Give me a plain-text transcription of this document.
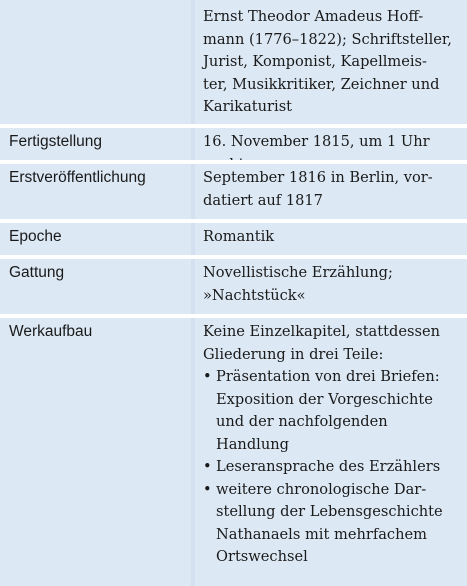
Ernst Theodor Amadeus Hoff-
mann (1776–1822); Schriftsteller,
Jurist, Komponist, Kapellmeis-
ter, Musikkritiker, Zeichner und
Karikaturist
Fertigstellung	16. November 1815, um 1 Uhr
Erstveröffentlichung	September 1816 in Berlin, vor-
datiert auf 1817
Epoche	Romantik
Gattung	Novellistische Erzählung;
»Nachtstück«
Werkaufbau	Keine Einzelkapitel, stattdessen
Gliederung in drei Teile:
• Präsentation von drei Briefen:
Exposition der Vorgeschichte
und der nachfolgenden
Handlung
• Leseransprache des Erzählers
• weitere chronologische Dar-
stellung der Lebensgeschichte
Nathanaels mit mehrfachem
Ortswechsel
